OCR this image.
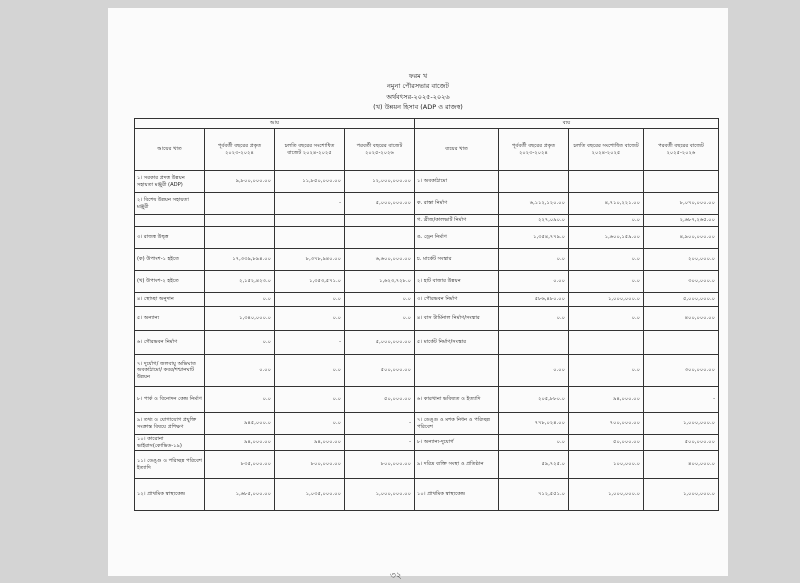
ফরম খ
নমুনা পৌরসভার বাজেট
অর্থবৎসর-২০২৫-২০২৬
(খ) উন্নয়ন হিসাব (ADP ও রাজস্ব)
আয়				ব্যয়			
আয়ের খাত	পূর্ববর্তী বছরের প্রকৃত ২০২৩-২০২৪	চলতি বছরের সংশোধিত বাজেট ২০২৪-২০২৫	পরবর্তী বছরের বাজেট ২০২৫-২০২৬	ব্যয়ের খাত	পূর্ববর্তী বছরের প্রকৃত ২০২৩-২০২৪	চলতি বছরের সংশোধিত বাজেট ২০২৪-২০২৫	পরবর্তী বছরের বাজেট ২০২৫-২০২৬
১। সরকার প্রদত্ত উন্নয়ন সহায়তা মঞ্জুরী (ADP)	৯,৮০০,০০০.০০	১১,৮৫০,০০০.০০	১২,০০০,০০০.০০	১। অবকাঠামো			
২। বিশেষ উন্নয়ন সহায়তা মঞ্জুরী		-	৫,০০০,০০০.০০	ক. রাস্তা নির্মাণ	৬,১১২,১২০.০০	৪,৭১০,২২১.০০	৮,০৭০,০০০.০০
				গ. ব্রীজ/কালভার্ট নির্মাণ	২২৭,০৯০.০	০.০	২,৬৮৭,২৬৫.০০
৩। রাজস্ব উদ্বৃত্ত				ঙ. ড্রেন নির্মাণ	১,৩৫৪,৭৭৯.০	১,৬০০,১৫৯.০০	৪,৯০০,০০০.০০
(ক) উপাংশ-১ হইতে	১৭,৩৩৯,৮৯৪.০০	৮,৩৭৮,৯৪০.০০	৬,৬০০,০০০.০০	চ. মার্কেট সংস্কার	০.০	০.০	২০০,০০০.০
(খ) উপাংশ-২ হইতে	২,১৫২,৪২৩.০	১,৩৫৩,৫৭১.০	১,৬২৩,৭২৮.০	২। হাট বাজার উন্নয়ন	০.০০	০.০	৩০০,০০০.০
৪। স্থোচ্ছা অনুদান	০.০	০.০	০.০	৩। পৌরভবন নির্মাণ	৫৮৬,৪৮০.০০	১,০০০,০০০.০	৫,০০০,০০০.০
৫। অন্যান্য	১,৩৪০,০০০.০	০.০	০.০	৪। বাস টার্মিনাল নির্মাণ/সংস্কার	০.০	০.০	৪০০,০০০.০০
৬। গৌরভবন নির্মাণ	০.০	-	৫,০০০,০০০.০০	৫। মার্কেট নির্মাণ/সংস্কার			
৭। দুর্যোগ/ জলবায়ু অভিঘাত অবকাঠামো/ কবর/শশ্মানঘাট উন্নয়ন	০.০০	০.০	৫০০,০০০.০০		০.০০	০.০	৩০০,০০০.০০
৮। পার্ক ও বিনোদন কেন্দ্র নির্মাণ	০.০	০.০	৫০,০০০.০০	৬। কারখানা ভবিষ্যত ও ইত্যাদি	২০৫,৮৮০.০	৯৪,০০০.০০	-
৯। তথ্য ও যোগাযোগ প্রযুক্তি সংক্রান্ত বিষয়ে প্রশিক্ষণ	৯৪৫,০০০.০	০.০	-	৭। ডেঙ্গু ও মশক নিধন ও পরিচ্ছন্ন পরিবেশ	৭৭৮,০২৪.০০	৭০০,০০০.০০	১,০০০,০০০.০
১০। কারোনা ভাইরাস(কোভিড-১৯)	৯৪,০০০.০০	৯৪,০০০.০০	-	৮। অন্যান্য-দুযোর্গ	০.০	৫০,০০০.০০	৫০০,০০০.০০
১১। ডেঙ্গু ও পরিচ্ছন্ন পরিবেশ ইত্যাদি	৮৩৫,০০০.০০	৮০০,০০০.০০	৮০০,০০০.০০	৯। দরিদ্র ব্যক্তি সংস্থা ও প্রতিষ্ঠান	৫৯,৭২৫.০	১০০,০০০.০	৪০০,০০০.০
১২। প্রাথমিক স্বাস্থ্যকেন্দ্র	১,৬৮৫,০০০.০০	১,০৩৫,০০০.০০	১,০০০,০০০.০০	১০। প্রাথমিক স্বাস্থ্যকেন্দ্র	৭১২,৫৫১.০	১,০০০,০০০.০	১,০০০,০০০.০
৩২
